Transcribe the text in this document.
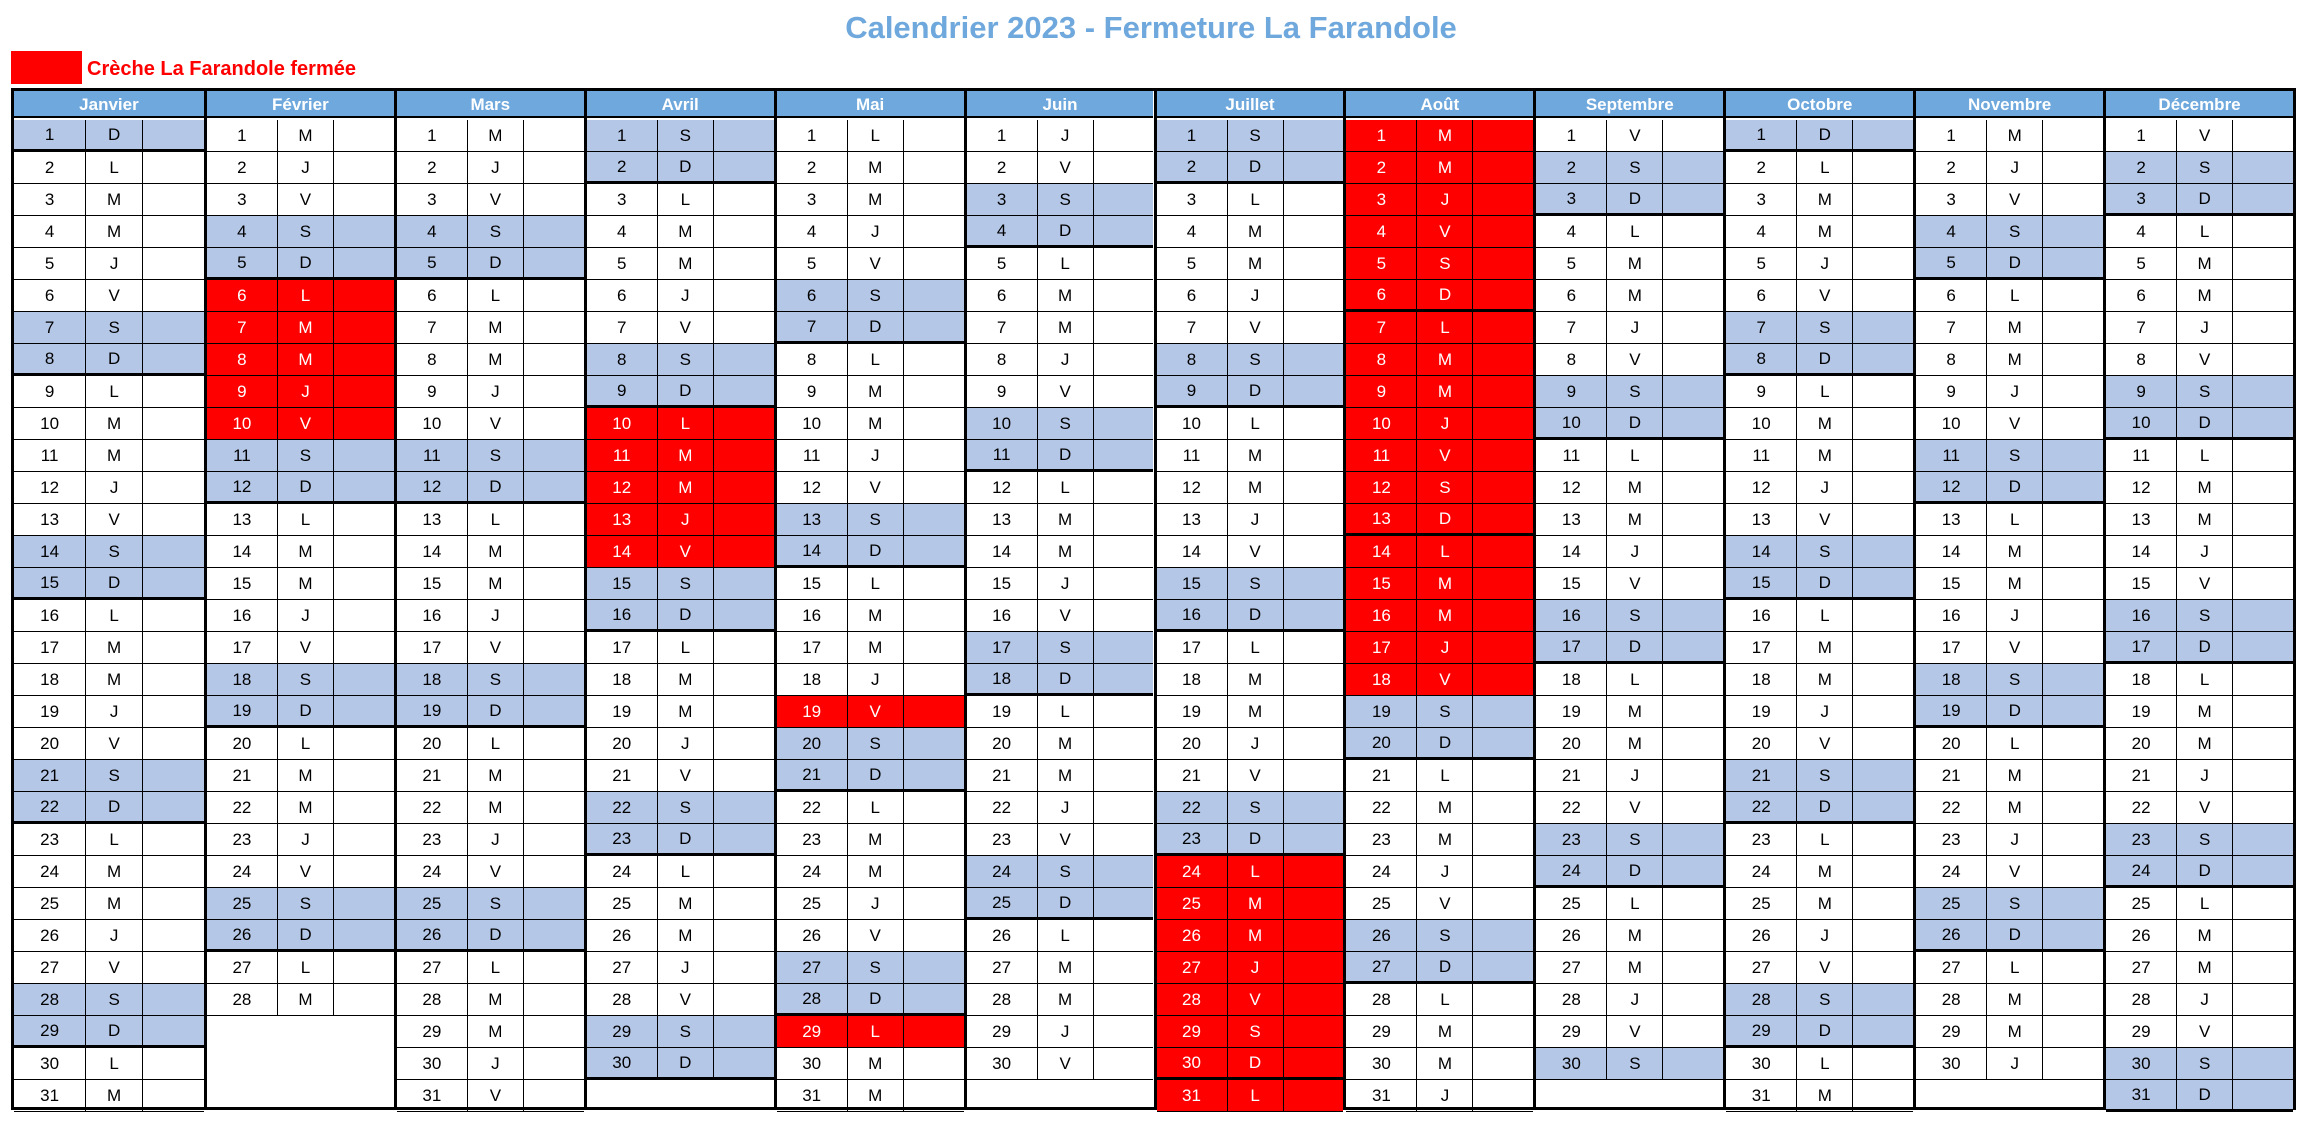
Calendrier 2023 - Fermeture La Farandole
Crèche La Farandole fermée
Janvier
1	D
2	L
3	M
4	M
5	J
6	V
7	S
8	D
9	L
10	M
11	M
12	J
13	V
14	S
15	D
16	L
17	M
18	M
19	J
20	V
21	S
22	D
23	L
24	M
25	M
26	J
27	V
28	S
29	D
30	L
31	M
Février
1	M
2	J
3	V
4	S
5	D
6	L
7	M
8	M
9	J
10	V
11	S
12	D
13	L
14	M
15	M
16	J
17	V
18	S
19	D
20	L
21	M
22	M
23	J
24	V
25	S
26	D
27	L
28	M
Mars
1	M
2	J
3	V
4	S
5	D
6	L
7	M
8	M
9	J
10	V
11	S
12	D
13	L
14	M
15	M
16	J
17	V
18	S
19	D
20	L
21	M
22	M
23	J
24	V
25	S
26	D
27	L
28	M
29	M
30	J
31	V
Avril
1	S
2	D
3	L
4	M
5	M
6	J
7	V
8	S
9	D
10	L
11	M
12	M
13	J
14	V
15	S
16	D
17	L
18	M
19	M
20	J
21	V
22	S
23	D
24	L
25	M
26	M
27	J
28	V
29	S
30	D
Mai
1	L
2	M
3	M
4	J
5	V
6	S
7	D
8	L
9	M
10	M
11	J
12	V
13	S
14	D
15	L
16	M
17	M
18	J
19	V
20	S
21	D
22	L
23	M
24	M
25	J
26	V
27	S
28	D
29	L
30	M
31	M
Juin
1	J
2	V
3	S
4	D
5	L
6	M
7	M
8	J
9	V
10	S
11	D
12	L
13	M
14	M
15	J
16	V
17	S
18	D
19	L
20	M
21	M
22	J
23	V
24	S
25	D
26	L
27	M
28	M
29	J
30	V
Juillet
1	S
2	D
3	L
4	M
5	M
6	J
7	V
8	S
9	D
10	L
11	M
12	M
13	J
14	V
15	S
16	D
17	L
18	M
19	M
20	J
21	V
22	S
23	D
24	L
25	M
26	M
27	J
28	V
29	S
30	D
31	L
Août
1	M
2	M
3	J
4	V
5	S
6	D
7	L
8	M
9	M
10	J
11	V
12	S
13	D
14	L
15	M
16	M
17	J
18	V
19	S
20	D
21	L
22	M
23	M
24	J
25	V
26	S
27	D
28	L
29	M
30	M
31	J
Septembre
1	V
2	S
3	D
4	L
5	M
6	M
7	J
8	V
9	S
10	D
11	L
12	M
13	M
14	J
15	V
16	S
17	D
18	L
19	M
20	M
21	J
22	V
23	S
24	D
25	L
26	M
27	M
28	J
29	V
30	S
Octobre
1	D
2	L
3	M
4	M
5	J
6	V
7	S
8	D
9	L
10	M
11	M
12	J
13	V
14	S
15	D
16	L
17	M
18	M
19	J
20	V
21	S
22	D
23	L
24	M
25	M
26	J
27	V
28	S
29	D
30	L
31	M
Novembre
1	M
2	J
3	V
4	S
5	D
6	L
7	M
8	M
9	J
10	V
11	S
12	D
13	L
14	M
15	M
16	J
17	V
18	S
19	D
20	L
21	M
22	M
23	J
24	V
25	S
26	D
27	L
28	M
29	M
30	J
Décembre
1	V
2	S
3	D
4	L
5	M
6	M
7	J
8	V
9	S
10	D
11	L
12	M
13	M
14	J
15	V
16	S
17	D
18	L
19	M
20	M
21	J
22	V
23	S
24	D
25	L
26	M
27	M
28	J
29	V
30	S
31	D
